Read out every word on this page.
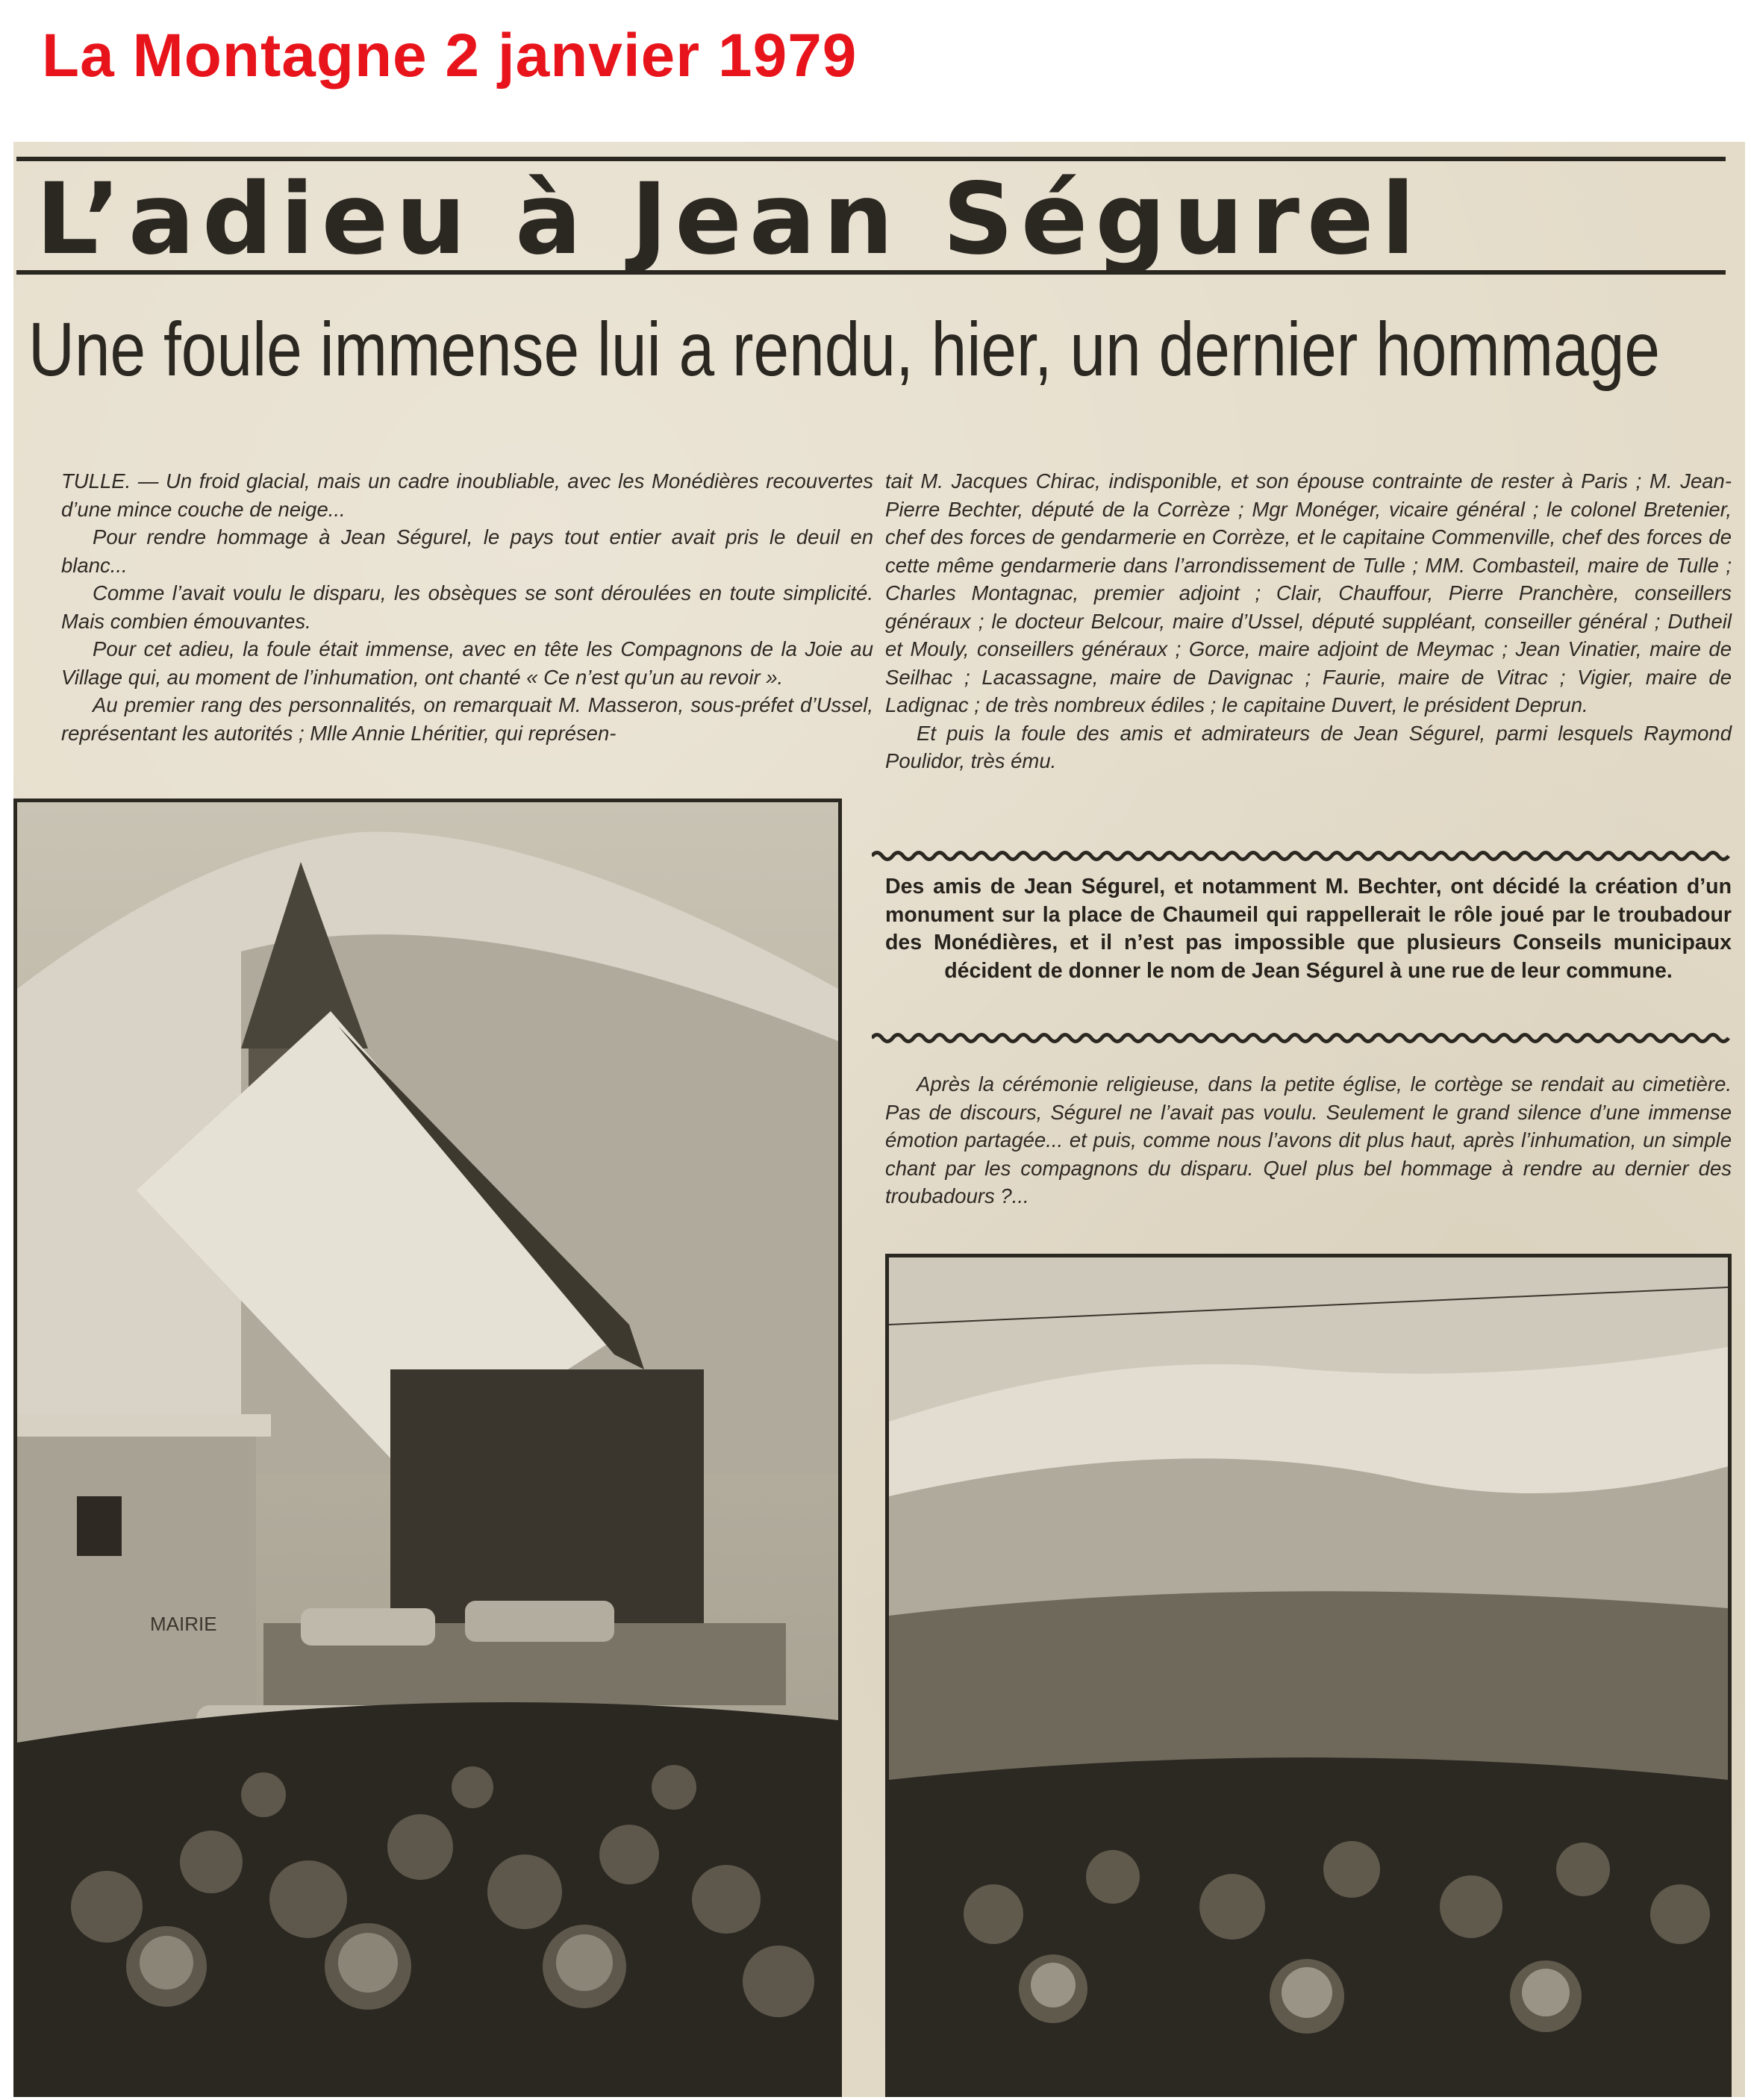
La Montagne 2 janvier 1979
L’adieu à Jean Ségurel
Une foule immense lui a rendu, hier, un dernier hommage

TULLE. — Un froid glacial, mais un cadre inoubliable, avec les Monédières recouvertes d’une mince couche de neige...

Pour rendre hommage à Jean Ségurel, le pays tout entier avait pris le deuil en blanc...

Comme l’avait voulu le disparu, les obsèques se sont déroulées en toute simplicité. Mais combien émouvantes.

Pour cet adieu, la foule était immense, avec en tête les Compagnons de la Joie au Village qui, au moment de l’inhumation, ont chanté « Ce n’est qu’un au revoir ».

Au premier rang des personnalités, on remarquait M. Masseron, sous-préfet d’Ussel, représentant les autorités ; Mlle Annie Lhéritier, qui représen-

tait M. Jacques Chirac, indisponible, et son épouse contrainte de rester à Paris ; M. Jean-Pierre Bechter, député de la Corrèze ; Mgr Monéger, vicaire général ; le colonel Bretenier, chef des forces de gendarmerie en Corrèze, et le capitaine Commenville, chef des forces de cette même gendarmerie dans l’arrondissement de Tulle ; MM. Combasteil, maire de Tulle ; Charles Montagnac, premier adjoint ; Clair, Chauffour, Pierre Pranchère, conseillers généraux ; le docteur Belcour, maire d’Ussel, député suppléant, conseiller général ; Dutheil et Mouly, conseillers généraux ; Gorce, maire adjoint de Meymac ; Jean Vinatier, maire de Seilhac ; Lacassagne, maire de Davignac ; Faurie, maire de Vitrac ; Vigier, maire de Ladignac ; de très nombreux édiles ; le capitaine Duvert, le président Deprun.

Et puis la foule des amis et admirateurs de Jean Ségurel, parmi lesquels Raymond Poulidor, très ému.

Des amis de Jean Ségurel, et notamment M. Bechter, ont décidé la création d’un monument sur la place de Chaumeil qui rappellerait le rôle joué par le troubadour des Monédières, et il n’est pas impossible que plusieurs Conseils municipaux décident de donner le nom de Jean Ségurel à une rue de leur commune.

Après la cérémonie religieuse, dans la petite église, le cortège se rendait au cimetière. Pas de discours, Ségurel ne l’avait pas voulu. Seulement le grand silence d’une immense émotion partagée... et puis, comme nous l’avons dit plus haut, après l’inhumation, un simple chant par les compagnons du disparu. Quel plus bel hommage à rendre au dernier des troubadours ?...

MAIRIE
